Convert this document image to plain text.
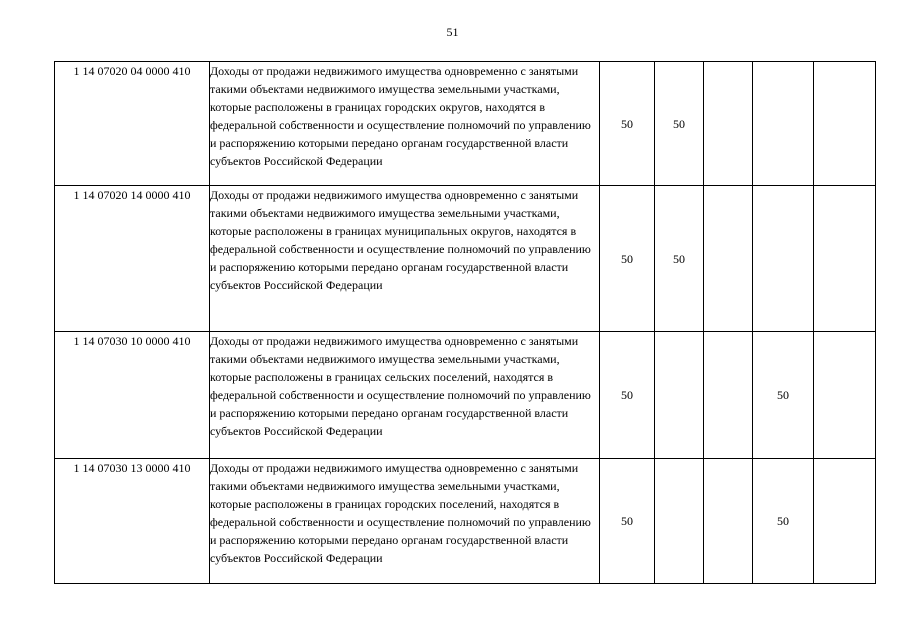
51
1 14 07020 04 0000 410	Доходы от продажи недвижимого имущества одновременно с занятыми такими объектами недвижимого имущества земельными участками, которые расположены в границах городских округов, находятся в федеральной собственности и осуществление полномочий по управлению и распоряжению которыми передано органам государственной власти субъектов Российской Федерации	50	50			
1 14 07020 14 0000 410	Доходы от продажи недвижимого имущества одновременно с занятыми такими объектами недвижимого имущества земельными участками, которые расположены в границах муниципальных округов, находятся в федеральной собственности и осуществление полномочий по управлению и распоряжению которыми передано органам государственной власти субъектов Российской Федерации	50	50			
1 14 07030 10 0000 410	Доходы от продажи недвижимого имущества одновременно с занятыми такими объектами недвижимого имущества земельными участками, которые расположены в границах сельских поселений, находятся в федеральной собственности и осуществление полномочий по управлению и распоряжению которыми передано органам государственной власти субъектов Российской Федерации	50			50	
1 14 07030 13 0000 410	Доходы от продажи недвижимого имущества одновременно с занятыми такими объектами недвижимого имущества земельными участками, которые расположены в границах городских поселений, находятся в федеральной собственности и осуществление полномочий по управлению и распоряжению которыми передано органам государственной власти субъектов Российской Федерации	50			50	
